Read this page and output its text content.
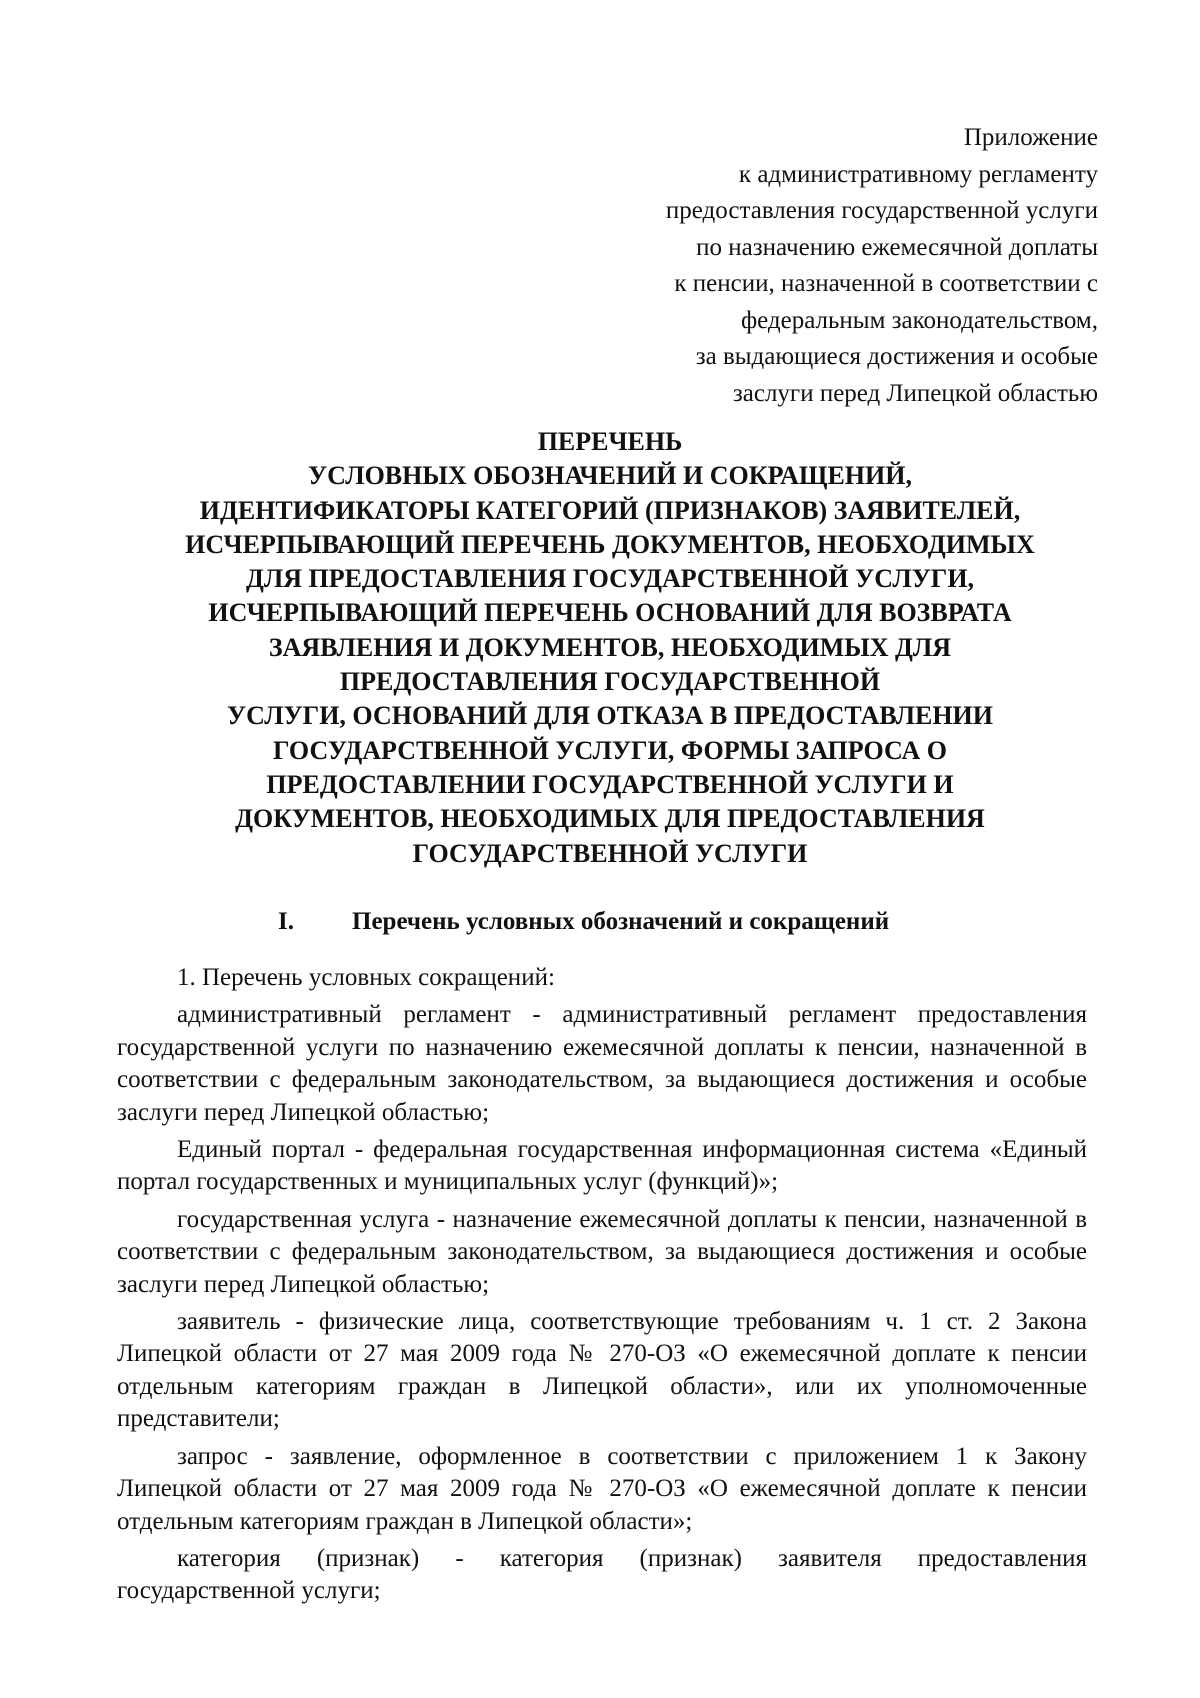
Приложение
к административному регламенту
предоставления государственной услуги
по назначению ежемесячной доплаты
к пенсии, назначенной в соответствии с
федеральным законодательством,
за выдающиеся достижения и особые
заслуги перед Липецкой областью
ПЕРЕЧЕНЬ
УСЛОВНЫХ ОБОЗНАЧЕНИЙ И СОКРАЩЕНИЙ,
ИДЕНТИФИКАТОРЫ КАТЕГОРИЙ (ПРИЗНАКОВ) ЗАЯВИТЕЛЕЙ,
ИСЧЕРПЫВАЮЩИЙ ПЕРЕЧЕНЬ ДОКУМЕНТОВ, НЕОБХОДИМЫХ
ДЛЯ ПРЕДОСТАВЛЕНИЯ ГОСУДАРСТВЕННОЙ УСЛУГИ,
ИСЧЕРПЫВАЮЩИЙ ПЕРЕЧЕНЬ ОСНОВАНИЙ ДЛЯ ВОЗВРАТА
ЗАЯВЛЕНИЯ И ДОКУМЕНТОВ, НЕОБХОДИМЫХ ДЛЯ
ПРЕДОСТАВЛЕНИЯ ГОСУДАРСТВЕННОЙ
УСЛУГИ, ОСНОВАНИЙ ДЛЯ ОТКАЗА В ПРЕДОСТАВЛЕНИИ
ГОСУДАРСТВЕННОЙ УСЛУГИ, ФОРМЫ ЗАПРОСА О
ПРЕДОСТАВЛЕНИИ ГОСУДАРСТВЕННОЙ УСЛУГИ И
ДОКУМЕНТОВ, НЕОБХОДИМЫХ ДЛЯ ПРЕДОСТАВЛЕНИЯ
ГОСУДАРСТВЕННОЙ УСЛУГИ
I. Перечень условных обозначений и сокращений

1. Перечень условных сокращений:

административный регламент - административный регламент предоставления государственной услуги по назначению ежемесячной доплаты к пенсии, назначенной в соответствии с федеральным законодательством, за выдающиеся достижения и особые заслуги перед Липецкой областью;

Единый портал - федеральная государственная информационная система «Единый портал государственных и муниципальных услуг (функций)»;

государственная услуга - назначение ежемесячной доплаты к пенсии, назначенной в соответствии с федеральным законодательством, за выдающиеся достижения и особые заслуги перед Липецкой областью;

заявитель - физические лица, соответствующие требованиям ч. 1 ст. 2 Закона Липецкой области от 27 мая 2009 года № 270-ОЗ «О ежемесячной доплате к пенсии отдельным категориям граждан в Липецкой области», или их уполномоченные представители;

запрос - заявление, оформленное в соответствии с приложением 1 к Закону Липецкой области от 27 мая 2009 года № 270-ОЗ «О ежемесячной доплате к пенсии отдельным категориям граждан в Липецкой области»;

категория (признак) - категория (признак) заявителя предоставления государственной услуги;
